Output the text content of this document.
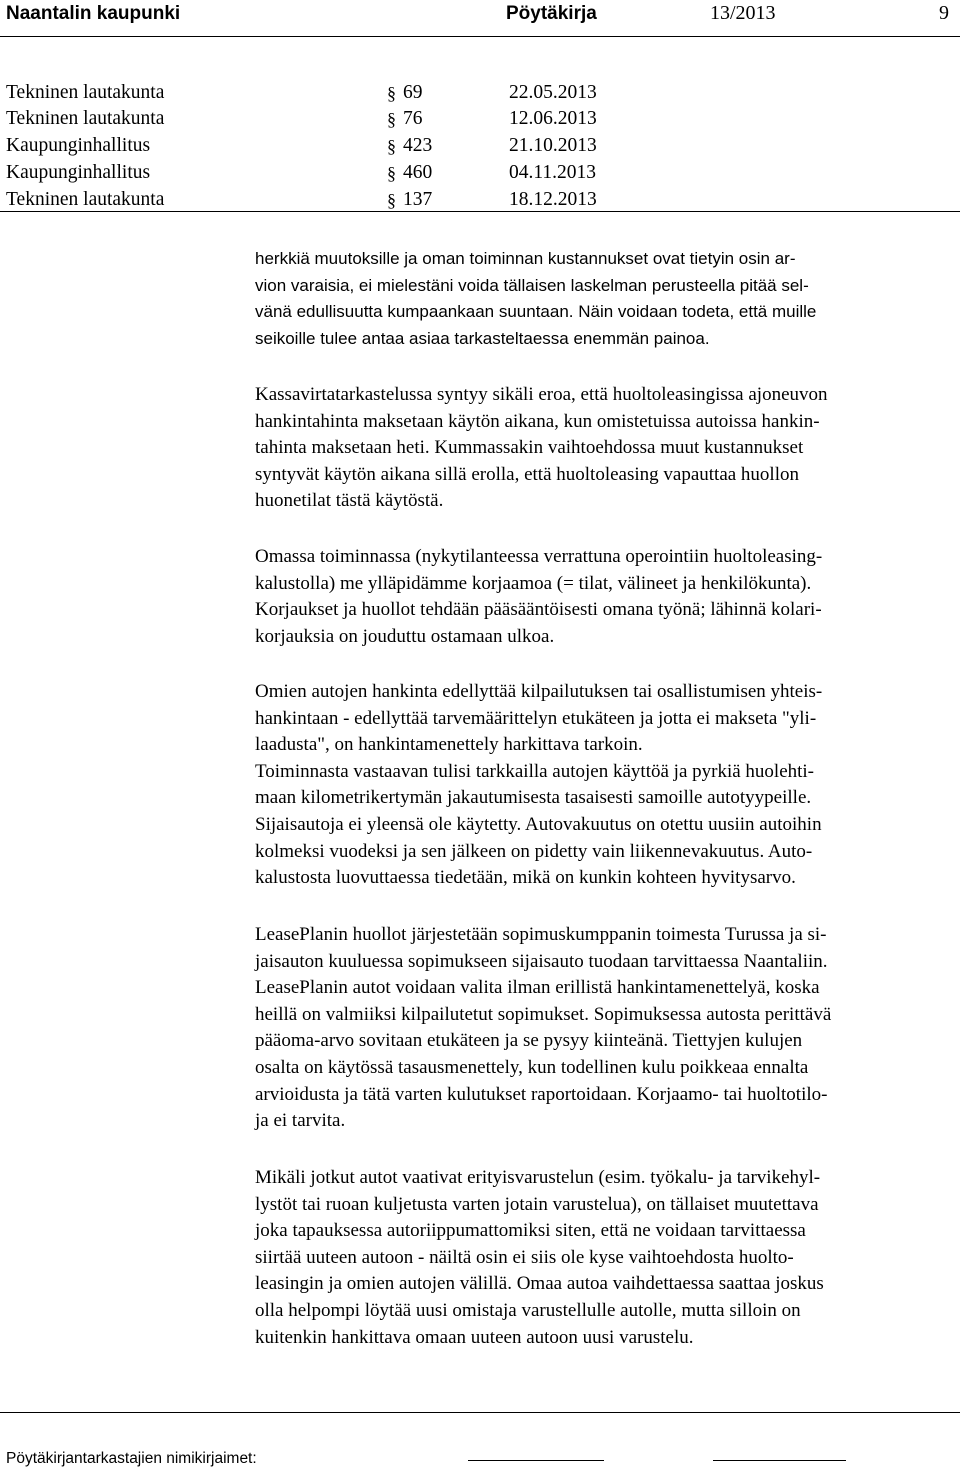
Naantalin kaupunki	Pöytäkirja	13/2013	9
Tekninen lautakunta	§ 69	22.05.2013
Tekninen lautakunta	§ 76	12.06.2013
Kaupunginhallitus	§ 423	21.10.2013
Kaupunginhallitus	§ 460	04.11.2013
Tekninen lautakunta	§ 137	18.12.2013

herkkiä muutoksille ja oman toiminnan kustannukset ovat tietyin osin ar-

vion varaisia, ei mielestäni voida tällaisen laskelman perusteella pitää sel-

vänä edullisuutta kumpaankaan suuntaan. Näin voidaan todeta, että muille

seikoille tulee antaa asiaa tarkasteltaessa enemmän painoa.

Kassavirtatarkastelussa syntyy sikäli eroa, että huoltoleasingissa ajoneuvon

hankintahinta maksetaan käytön aikana, kun omistetuissa autoissa hankin-

tahinta maksetaan heti. Kummassakin vaihtoehdossa muut kustannukset

syntyvät käytön aikana sillä erolla, että huoltoleasing vapauttaa huollon

huonetilat tästä käytöstä.

Omassa toiminnassa (nykytilanteessa verrattuna operointiin huoltoleasing-

kalustolla) me ylläpidämme korjaamoa (= tilat, välineet ja henkilökunta).

Korjaukset ja huollot tehdään pääsääntöisesti omana työnä; lähinnä kolari-

korjauksia on jouduttu ostamaan ulkoa.

Omien autojen hankinta edellyttää kilpailutuksen tai osallistumisen yhteis-

hankintaan - edellyttää tarvemäärittelyn etukäteen ja jotta ei makseta "yli-

laadusta", on hankintamenettely harkittava tarkoin.

Toiminnasta vastaavan tulisi tarkkailla autojen käyttöä ja pyrkiä huolehti-

maan kilometrikertymän jakautumisesta tasaisesti samoille autotyypeille.

Sijaisautoja ei yleensä ole käytetty. Autovakuutus on otettu uusiin autoihin

kolmeksi vuodeksi ja sen jälkeen on pidetty vain liikennevakuutus. Auto-

kalustosta luovuttaessa tiedetään, mikä on kunkin kohteen hyvitysarvo.

LeasePlanin huollot järjestetään sopimuskumppanin toimesta Turussa ja si-

jaisauton kuuluessa sopimukseen sijaisauto tuodaan tarvittaessa Naantaliin.

LeasePlanin autot voidaan valita ilman erillistä hankintamenettelyä, koska

heillä on valmiiksi kilpailutetut sopimukset. Sopimuksessa autosta perittävä

pääoma-arvo sovitaan etukäteen ja se pysyy kiinteänä. Tiettyjen kulujen

osalta on käytössä tasausmenettely, kun todellinen kulu poikkeaa ennalta

arvioidusta ja tätä varten kulutukset raportoidaan. Korjaamo- tai huoltotilo-

ja ei tarvita.

Mikäli jotkut autot vaativat erityisvarustelun (esim. työkalu- ja tarvikehyl-

lystöt tai ruoan kuljetusta varten jotain varustelua), on tällaiset muutettava

joka tapauksessa autoriippumattomiksi siten, että ne voidaan tarvittaessa

siirtää uuteen autoon - näiltä osin ei siis ole kyse vaihtoehdosta huolto-

leasingin ja omien autojen välillä. Omaa autoa vaihdettaessa saattaa joskus

olla helpompi löytää uusi omistaja varustellulle autolle, mutta silloin on

kuitenkin hankittava omaan uuteen autoon uusi varustelu.

Pöytäkirjantarkastajien nimikirjaimet:
